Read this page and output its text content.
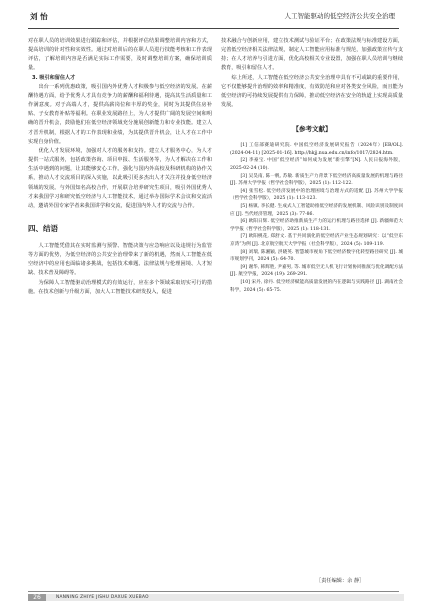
刘 怡	人工智能驱动的低空经济公共安全治理

对在职人员的培训效果进行跟踪和评估，并根据评估结果调整培训内容和方式，提高培训的针对性和实效性。通过对培训后的在职人员进行技能考核和工作表现评估，了解培训内容是否满足实际工作需要，及时调整培训方案，确保培训质量。

3. 吸引和留住人才

出台一系列优惠政策，吸引国内外优秀人才积极参与低空经济的发展。在薪酬待遇方面，给予优秀人才具有竞争力的薪酬和福利待遇，提高其生活质量和工作满意度。对于高端人才，提供高薪岗位和丰厚的奖金，同时为其提供住房补贴、子女教育补贴等福利。在职业发展路径上，为人才提供广阔的发展空间和明确的晋升机会，鼓励他们在低空经济领域充分施展创新能力和专业技能。建立人才晋升机制，根据人才的工作表现和业绩，为其提供晋升机会，让人才在工作中实现自身价值。

优化人才发展环境，加强对人才的服务和支持。建立人才服务中心，为人才提供一站式服务，包括政策咨询、项目申报、生活服务等，为人才解决在工作和生活中遇到的问题，让其能够安心工作。强化与国内外高校及科研机构的协作关系，推动人才交流项目的深入实施，以此吸引更多杰出人才关注并投身低空经济领域的发展。与外国知名高校合作，开展联合培养研究生项目，吸引外国优秀人才来我国学习和研究低空经济与人工智能技术，通过举办国际学术会议和交流活动，邀请外国专家学者来我国讲学和交流，促进国内外人才的交流与合作。

四、结语

人工智能凭借其在实时监测与预警、智能决策与应急响应以及违规行为监管等方面的优势，为低空经济的公共安全治理带来了新的机遇，然而人工智能在低空经济中的应用也面临诸多挑战，包括技术难题、法律法规与伦理困境、人才短缺、技术普及障碍等。

为保障人工智能驱动治理模式的有效运行，应在多个领域采取切实可行的措施。在技术创新与升级方面，加大人工智能技术研发投入，促进

技术融合与创新应用，建立技术测试与验证平台；在政策法规与标准建设方面，完善低空经济相关法律法规，制定人工智能应用标准与规范，加强政策宣传与支持；在人才培养与引进方面，优化高校相关专业设置，加强在职人员培训与继续教育，吸引和留住人才。

综上所述，人工智能在低空经济公共安全治理中具有不可或缺的重要作用，它不仅能够提升治理的效率和精准度，有效防范和应对各类安全风险，而且能为低空经济的可持续发展提供有力保障，推动低空经济在安全的轨道上实现高质量发展。

【参考文献】

[1] 工信部赛迪研究院. 中国低空经济发展研究报告（2024年）[EB/OL]. (2024-04-11) [2025-01-16]. http://hkjj.nua.edu.cn/info/1017/2824.htm.

[2] 李豪宝. 中国“低空经济”如何成为发展“新引擎”[N]. 人民日报海外版，2025-02-24 (10).

[3] 吴昊南, 陈一帆, 苏敏. 新质生产力背景下低空经济高质量发展的机理与路径 [J]. 苏州大学学报（哲学社会科学版），2025 (1): 112-122.

[4] 张雪松. 低空经济发展中的治理困境与治理方式的适配 [J]. 苏州大学学报（哲学社会科学版），2025 (1): 113-123.

[5] 杨镇, 李长健. 生成式人工智能助推低空经济的发展机制、风险识别及制度回应 [J]. 当代经济管理，2025 (3): 77-86.

[6] 欧阳日辉. 低空经济助推新质生产力的运行机理与路径选择 [J]. 新疆师范大学学报（哲学社会科学版），2025 (1): 118-131.

[7] 欧阳桃花, 郑舒文. 基于共同演化的低空经济产业生态规划研究：以“低空东京湾”为例 [J]. 北京航空航天大学学报（社会科学版），2024 (5): 109-119.

[8] 刘瑞, 陈湘颖, 洪晓英. 智慧城市视角下低空经济数字化转型路径研究 [J]. 城市规划学刊，2024 (5): 64-70.

[9] 谢华, 韩辉胜, 尹嘉男, 等. 城市低空无人机飞行计划协同推演与优化调配方法 [J]. 航空学报，2024 (19): 269-291.

[10] 宋丹, 徐丹. 低空经济赋能高质量发展的内在逻辑与实践路径 [J]. 湖南社会科学，2024 (5): 65-75.

［责任编辑：余 静］
26	NANNING ZHIYE JISHU DAXUE XUEBAO
